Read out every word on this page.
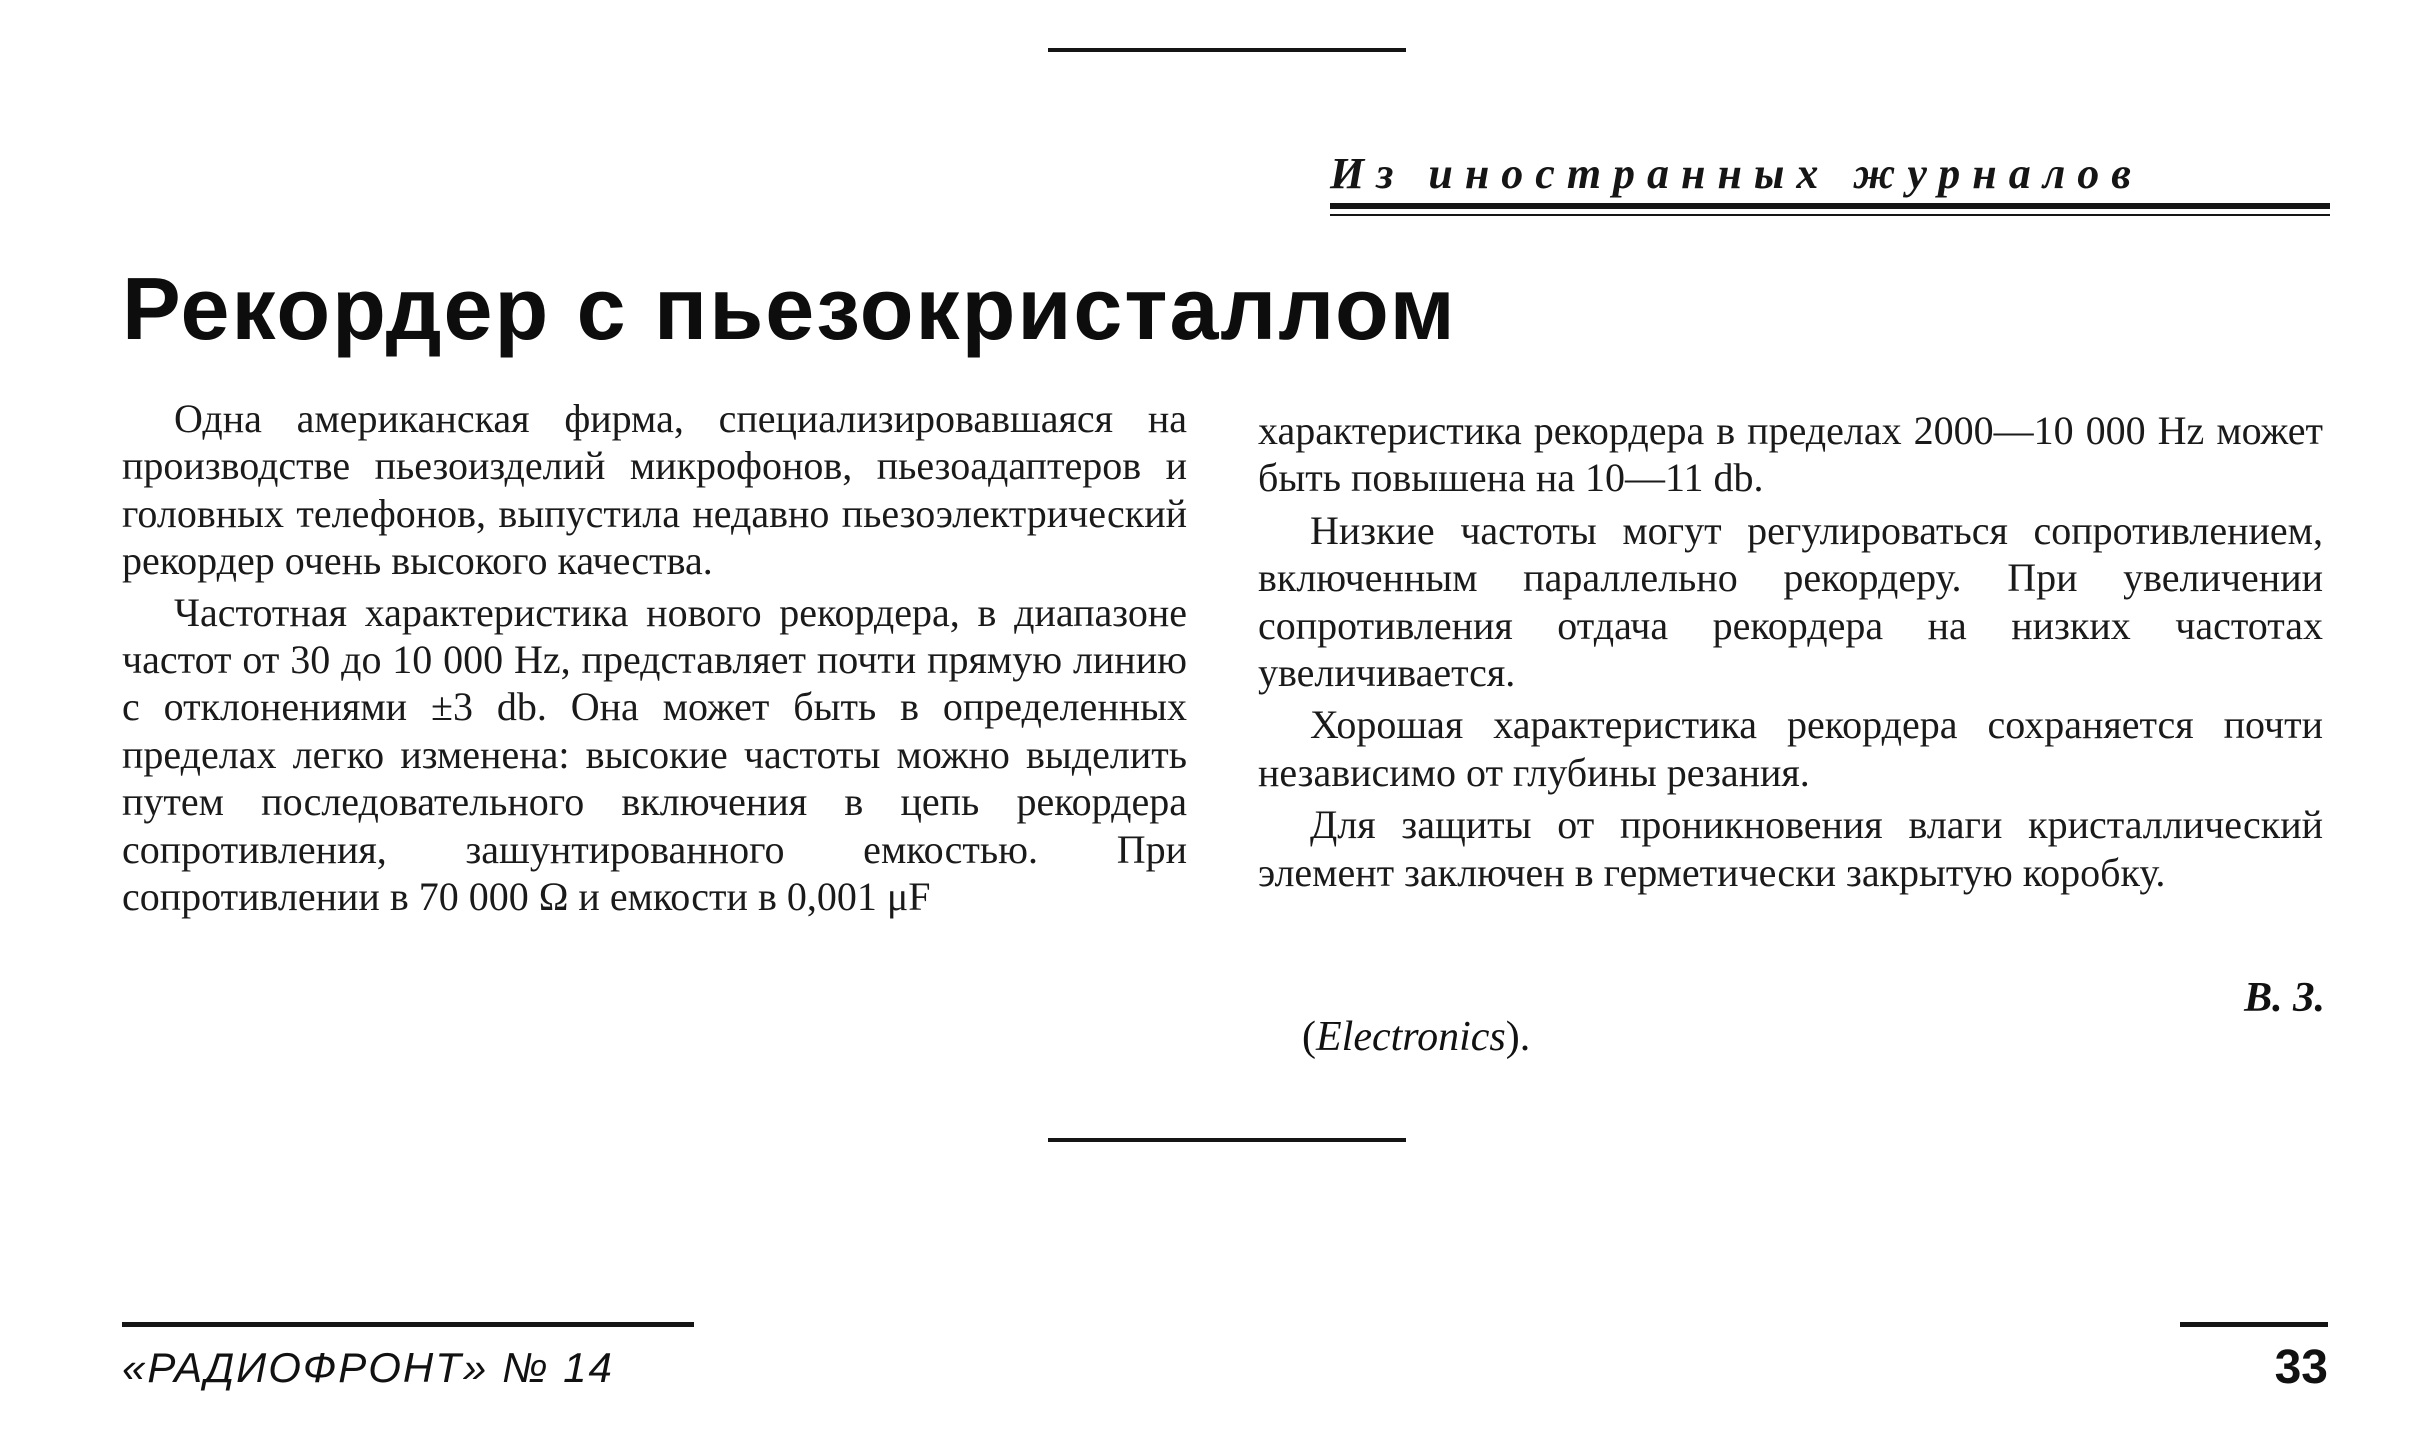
Из иностранных журналов
Рекордер с пьезокристаллом

Одна американская фирма, специализировавшаяся на производстве пьезоизделий микрофонов, пьезоадаптеров и головных телефонов, выпустила недавно пьезоэлектрический рекордер очень высокого качества.

Частотная характеристика нового рекордера, в диапазоне частот от 30 до 10 000 Hz, представляет почти прямую линию с отклонениями ±3 db. Она может быть в определенных пределах легко изменена: высокие частоты можно выделить путем последовательного включения в цепь рекордера сопротивления, зашунтированного емкостью. При сопротивлении в 70 000 Ω и емкости в 0,001 μF

характеристика рекордера в пределах 2000—10 000 Hz может быть повышена на 10—11 db.

Низкие частоты могут регулироваться сопротивлением, включенным параллельно рекордеру. При увеличении сопротивления отдача рекордера на низких частотах увеличивается.

Хорошая характеристика рекордера сохраняется почти независимо от глубины резания.

Для защиты от проникновения влаги кристаллический элемент заключен в герметически закрытую коробку.

В. З.
(Electronics).
«РАДИОФРОНТ» № 14	33
